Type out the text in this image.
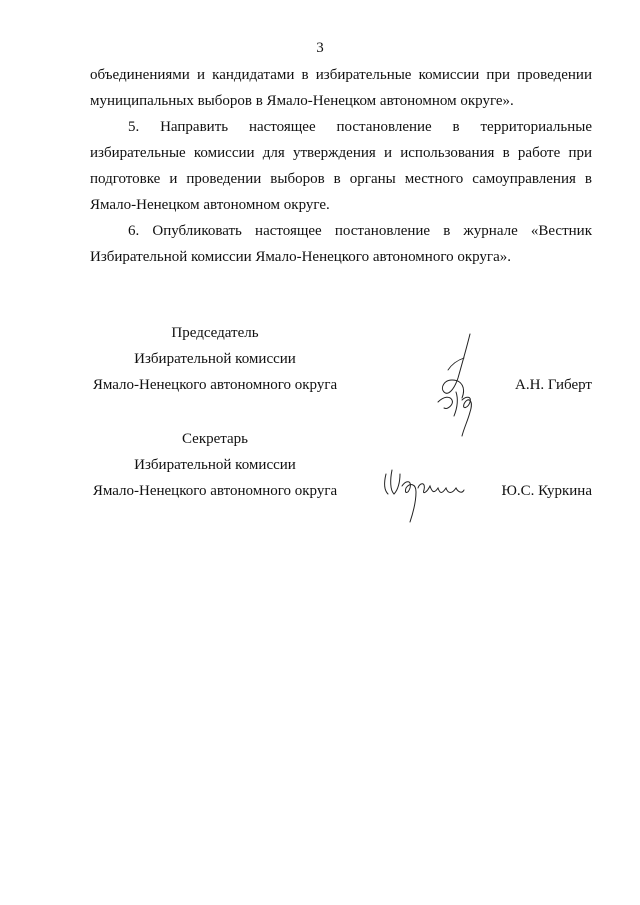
3

объединениями и кандидатами в избирательные комиссии при проведении муниципальных выборов в Ямало-Ненецком автономном округе».

5. Направить настоящее постановление в территориальные избирательные комиссии для утверждения и использования в работе при подготовке и проведении выборов в органы местного самоуправления в Ямало-Ненецком автономном округе.

6. Опубликовать настоящее постановление в журнале «Вестник Избирательной комиссии Ямало-Ненецкого автономного округа».

Председатель
Избирательной комиссии
Ямало-Ненецкого автономного округа	А.Н. Гиберт
Секретарь
Избирательной комиссии
Ямало-Ненецкого автономного округа	Ю.С. Куркина
